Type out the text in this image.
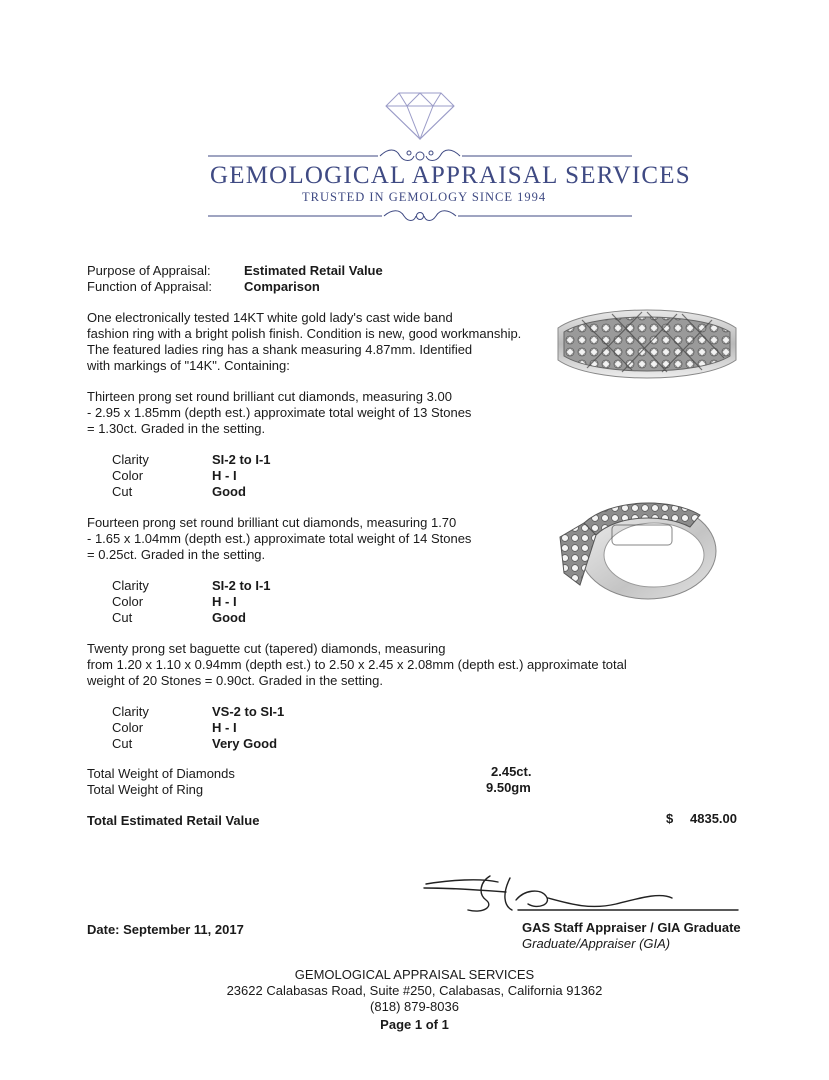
GEMOLOGICAL APPRAISAL SERVICES
TRUSTED IN GEMOLOGY SINCE 1994
Purpose of Appraisal:	Estimated Retail Value
Function of Appraisal: Comparison
One electronically tested 14KT white gold lady's cast wide band
fashion ring with a bright polish finish. Condition is new, good workmanship.
The featured ladies ring has a shank measuring 4.87mm. Identified
with markings of "14K". Containing:
Thirteen prong set round brilliant cut diamonds, measuring 3.00
- 2.95 x 1.85mm (depth est.) approximate total weight of 13 Stones
= 1.30ct. Graded in the setting.
Clarity	SI-2 to I-1
Color	H - I
Cut	Good
Fourteen prong set round brilliant cut diamonds, measuring 1.70
- 1.65 x 1.04mm (depth est.) approximate total weight of 14 Stones
= 0.25ct. Graded in the setting.
Clarity	SI-2 to I-1
Color	H - I
Cut	Good
Twenty prong set baguette cut (tapered) diamonds, measuring
from 1.20 x 1.10 x 0.94mm (depth est.) to 2.50 x 2.45 x 2.08mm (depth est.) approximate total
weight of 20 Stones = 0.90ct. Graded in the setting.
Clarity	VS-2 to SI-1
Color	H - I
Cut	Very Good
Total Weight of Diamonds	2.45ct.
Total Weight of Ring	9.50gm
Total Estimated Retail Value	$ 4835.00
Date: September 11, 2017	GAS Staff Appraiser / GIA Graduate
Graduate/Appraiser (GIA)
GEMOLOGICAL APPRAISAL SERVICES
23622 Calabasas Road, Suite #250, Calabasas, California 91362
(818) 879-8036
Page 1 of 1
